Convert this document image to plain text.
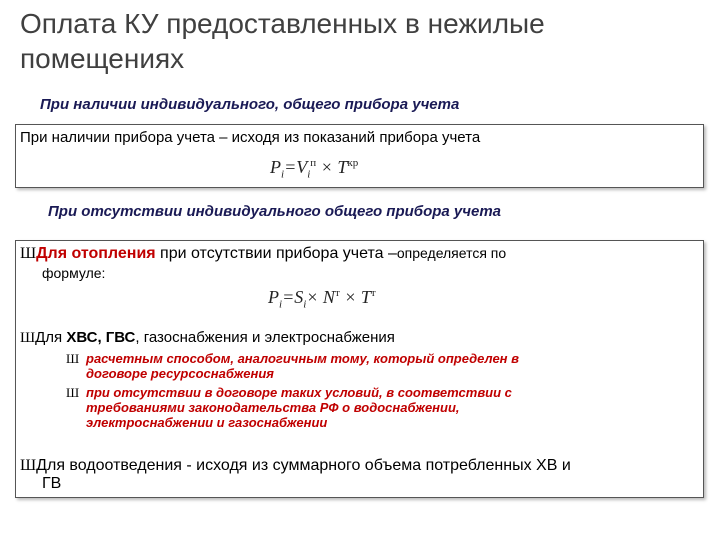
Оплата КУ предоставленных в нежилые помещениях
При наличии индивидуального, общего прибора учета
При наличии прибора учета – исходя из показаний прибора учета
$P_i=V_i^п \times T^{кр}$
При отсутствии индивидуального общего прибора учета
ШДля отопления при отсутствии прибора учета –определяется по
формуле:
$P_i=S_i\times N^т \times T^т$
ШДля ХВС, ГВС, газоснабжения и электроснабжения
Ш расчетным способом, аналогичным тому, который определен в
договоре ресурсоснабжения
Ш при отсутствии в договоре таких условий, в соответствии с
требованиями законодательства РФ о водоснабжении,
электроснабжении и газоснабжении
ШДля водоотведения - исходя из суммарного объема потребленных ХВ и
ГВ
